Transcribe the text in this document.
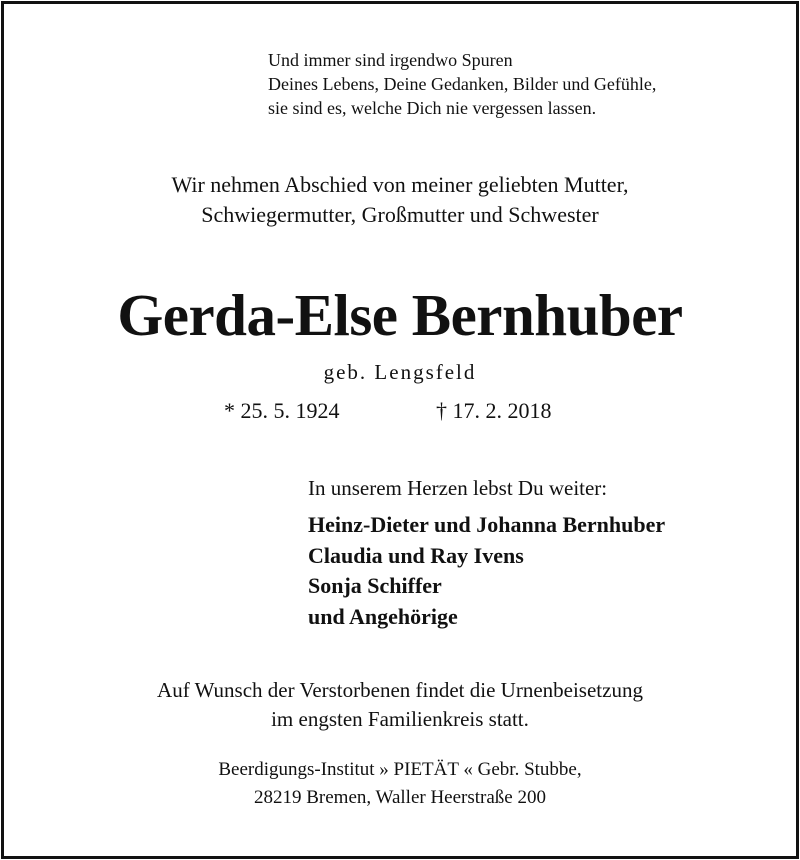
Und immer sind irgendwo Spuren
Deines Lebens, Deine Gedanken, Bilder und Gefühle,
sie sind es, welche Dich nie vergessen lassen.
Wir nehmen Abschied von meiner geliebten Mutter,
Schwiegermutter, Großmutter und Schwester
Gerda-Else Bernhuber
geb. Lengsfeld
* 25. 5. 1924	† 17. 2. 2018
In unserem Herzen lebst Du weiter:
Heinz-Dieter und Johanna Bernhuber
Claudia und Ray Ivens
Sonja Schiffer
und Angehörige
Auf Wunsch der Verstorbenen findet die Urnenbeisetzung
im engsten Familienkreis statt.
Beerdigungs-Institut » PIETÄT « Gebr. Stubbe,
28219 Bremen, Waller Heerstraße 200
